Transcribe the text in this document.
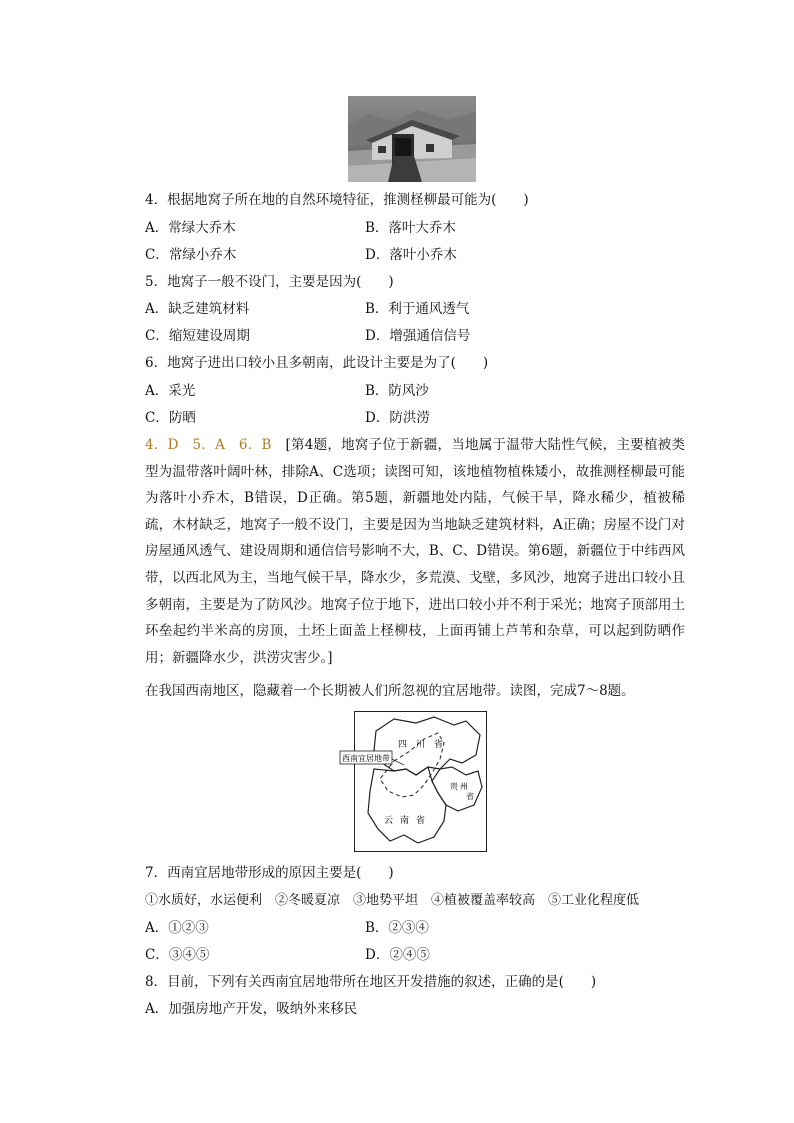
4．根据地窝子所在地的自然环境特征，推测柽柳最可能为(　　)
A．常绿大乔木	B．落叶大乔木
C．常绿小乔木	D．落叶小乔木
5．地窝子一般不设门，主要是因为(　　)
A．缺乏建筑材料	B．利于通风透气
C．缩短建设周期	D．增强通信信号
6．地窝子进出口较小且多朝南，此设计主要是为了(　　)
A．采光	B．防风沙
C．防晒	D．防洪涝
4．D　5．A　6．B　[第4题，地窝子位于新疆，当地属于温带大陆性气候，主要植被类型为温带落叶阔叶林，排除A、C选项；读图可知，该地植物植株矮小，故推测柽柳最可能为落叶小乔木，B错误，D正确。第5题，新疆地处内陆，气候干旱，降水稀少，植被稀疏，木材缺乏，地窝子一般不设门，主要是因为当地缺乏建筑材料，A正确；房屋不设门对房屋通风透气、建设周期和通信信号影响不大，B、C、D错误。第6题，新疆位于中纬西风带，以西北风为主，当地气候干旱，降水少，多荒漠、戈壁，多风沙，地窝子进出口较小且多朝南，主要是为了防风沙。地窝子位于地下，进出口较小并不利于采光；地窝子顶部用土环垒起约半米高的房顶，土坯上面盖上柽柳枝，上面再铺上芦苇和杂草，可以起到防晒作用；新疆降水少，洪涝灾害少。]
在我国西南地区，隐藏着一个长期被人们所忽视的宜居地带。读图，完成7～8题。
四 川 省
西南宜居地带
贵 州
省
云 南 省
7．西南宜居地带形成的原因主要是(　　)
①水质好，水运便利　②冬暖夏凉　③地势平坦　④植被覆盖率较高　⑤工业化程度低
A．①②③	B．②③④
C．③④⑤	D．②④⑤
8．目前，下列有关西南宜居地带所在地区开发措施的叙述，正确的是(　　)
A．加强房地产开发，吸纳外来移民
